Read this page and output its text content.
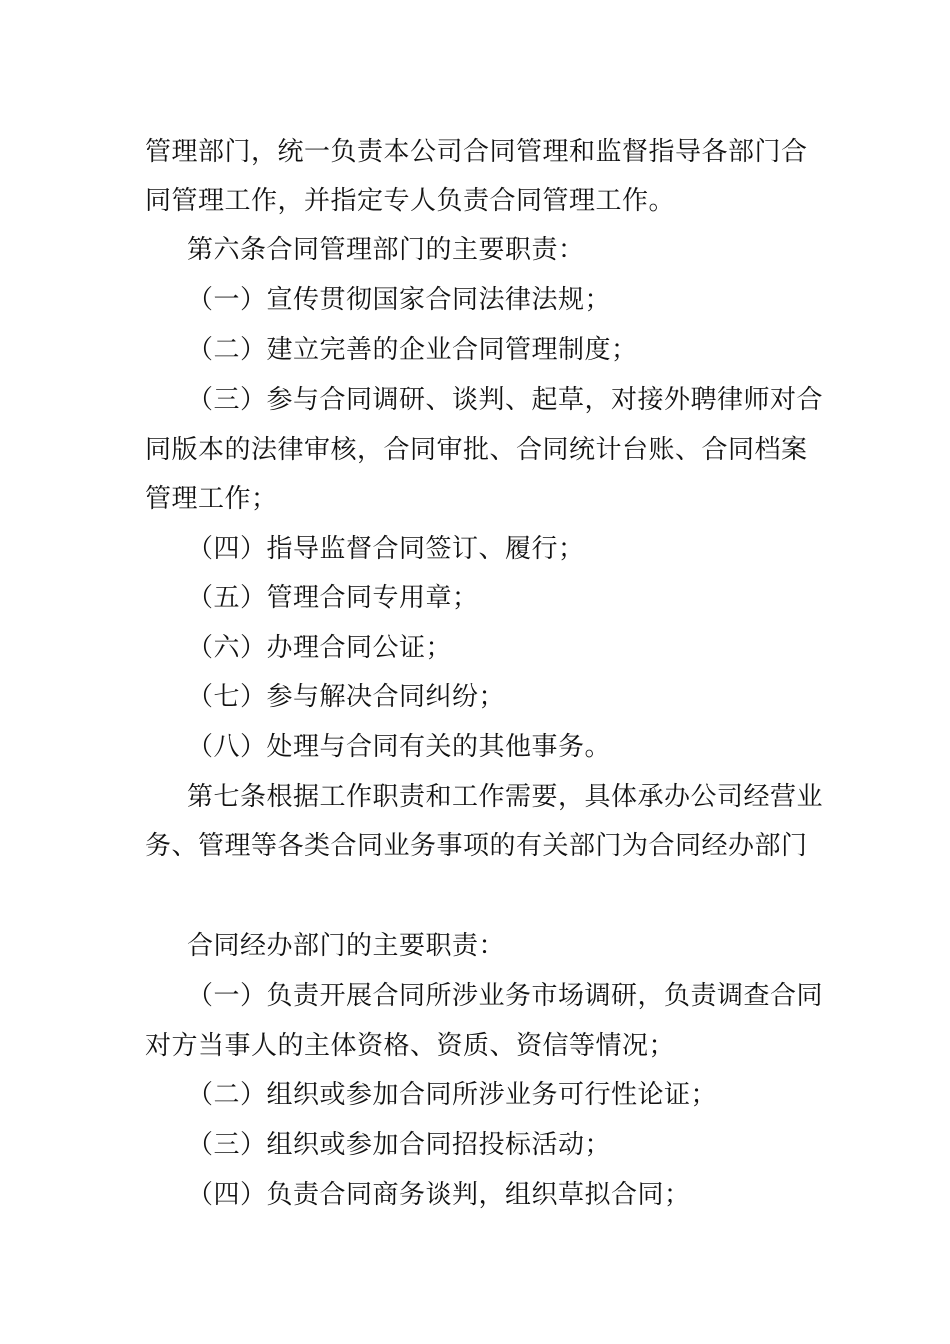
管理部门，统一负责本公司合同管理和监督指导各部门合
同管理工作，并指定专人负责合同管理工作。
第六条合同管理部门的主要职责：
（一）宣传贯彻国家合同法律法规；
（二）建立完善的企业合同管理制度；
（三）参与合同调研、谈判、起草，对接外聘律师对合
同版本的法律审核，合同审批、合同统计台账、合同档案
管理工作；
（四）指导监督合同签订、履行；
（五）管理合同专用章；
（六）办理合同公证；
（七）参与解决合同纠纷；
（八）处理与合同有关的其他事务。
第七条根据工作职责和工作需要，具体承办公司经营业
务、管理等各类合同业务事项的有关部门为合同经办部门
合同经办部门的主要职责：
（一）负责开展合同所涉业务市场调研，负责调查合同
对方当事人的主体资格、资质、资信等情况；
（二）组织或参加合同所涉业务可行性论证；
（三）组织或参加合同招投标活动；
（四）负责合同商务谈判，组织草拟合同；
